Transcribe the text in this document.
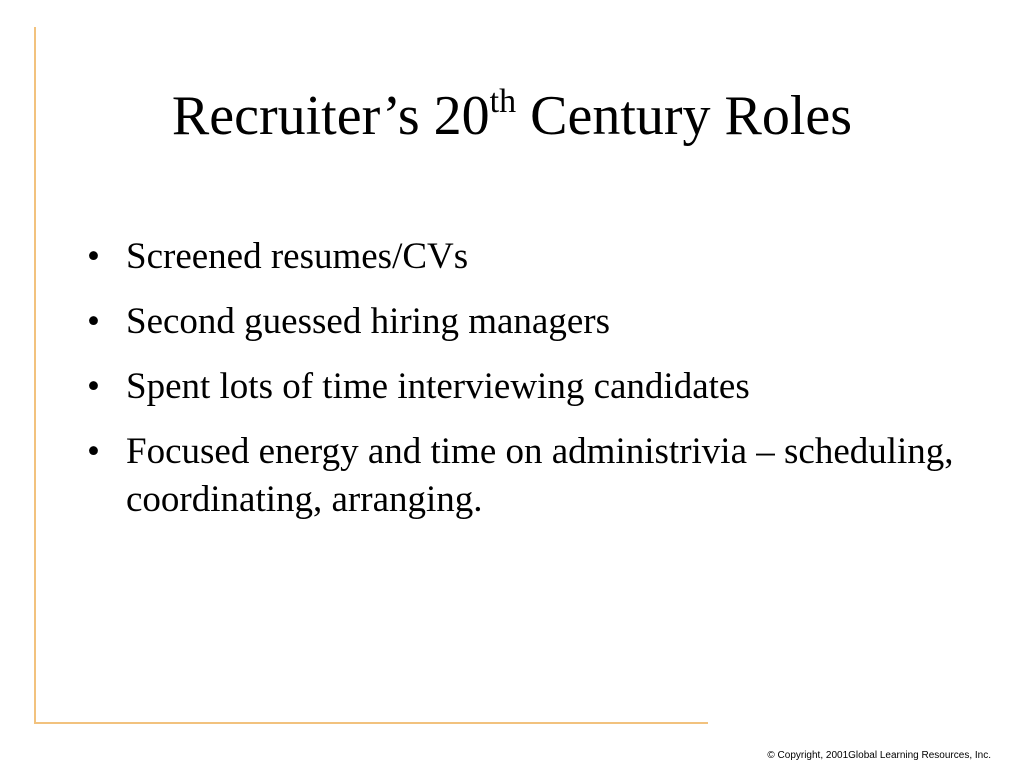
Recruiter’s 20th Century Roles
• Screened resumes/CVs
• Second guessed hiring managers
• Spent lots of time interviewing candidates
• Focused energy and time on administrivia – scheduling, coordinating, arranging.
© Copyright, 2001Global Learning Resources, Inc.
